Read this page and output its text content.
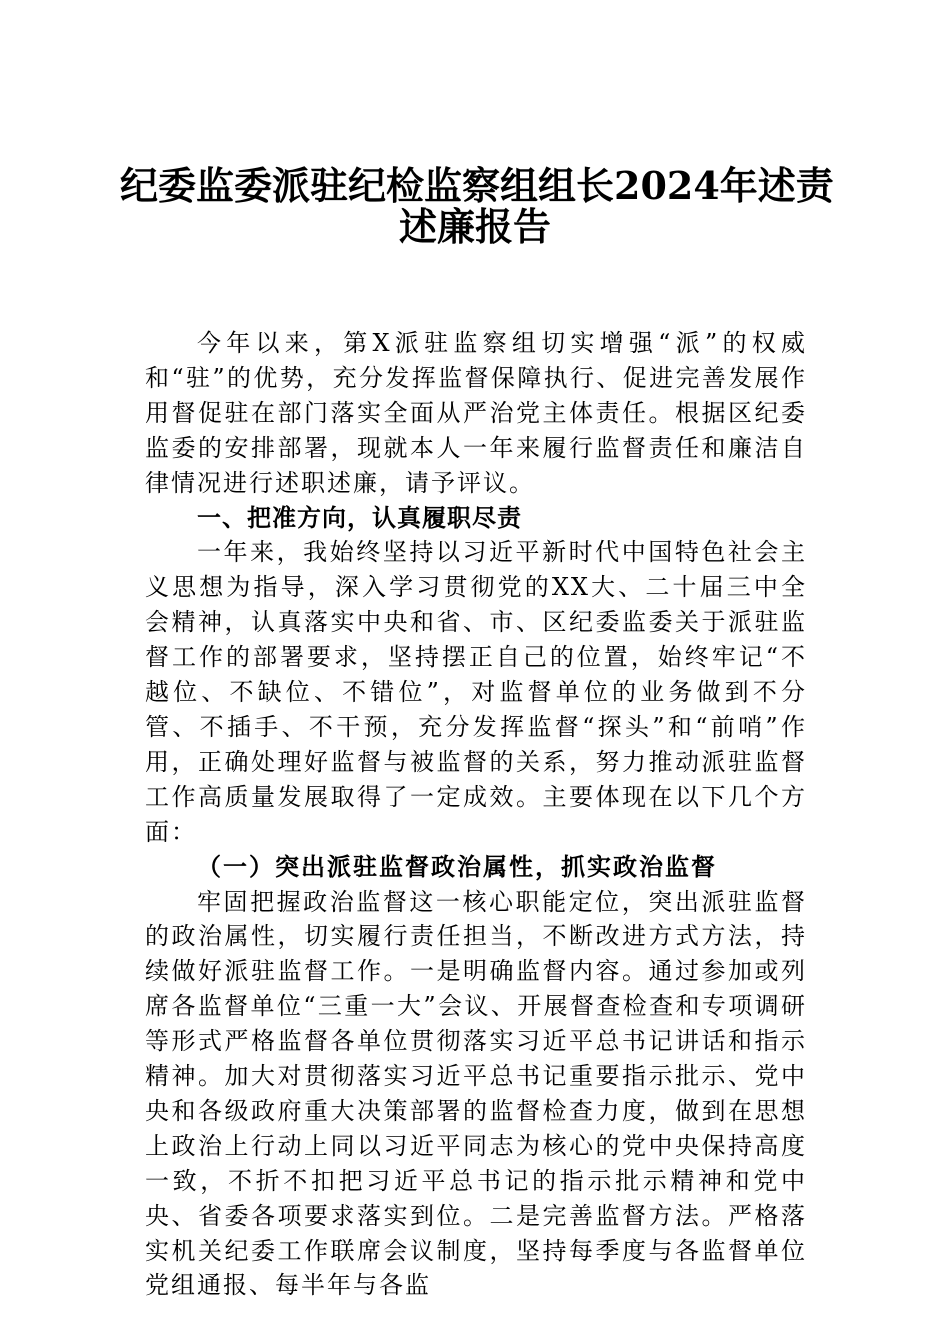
纪委监委派驻纪检监察组组长2024年述责
述廉报告

今年以来，第X派驻监察组切实增强“派”的权威和“驻”的优势，充分发挥监督保障执行、促进完善发展作用督促驻在部门落实全面从严治党主体责任。根据区纪委监委的安排部署，现就本人一年来履行监督责任和廉洁自律情况进行述职述廉，请予评议。

一、把准方向，认真履职尽责

一年来，我始终坚持以习近平新时代中国特色社会主义思想为指导，深入学习贯彻党的XX大、二十届三中全会精神，认真落实中央和省、市、区纪委监委关于派驻监督工作的部署要求，坚持摆正自己的位置，始终牢记“不越位、不缺位、不错位”，对监督单位的业务做到不分管、不插手、不干预，充分发挥监督“探头”和“前哨”作用，正确处理好监督与被监督的关系，努力推动派驻监督工作高质量发展取得了一定成效。主要体现在以下几个方面：

（一）突出派驻监督政治属性，抓实政治监督

牢固把握政治监督这一核心职能定位，突出派驻监督的政治属性，切实履行责任担当，不断改进方式方法，持续做好派驻监督工作。一是明确监督内容。通过参加或列席各监督单位“三重一大”会议、开展督查检查和专项调研等形式严格监督各单位贯彻落实习近平总书记讲话和指示精神。加大对贯彻落实习近平总书记重要指示批示、党中央和各级政府重大决策部署的监督检查力度，做到在思想上政治上行动上同以习近平同志为核心的党中央保持高度一致，不折不扣把习近平总书记的指示批示精神和党中央、省委各项要求落实到位。二是完善监督方法。严格落实机关纪委工作联席会议制度，坚持每季度与各监督单位党组通报、每半年与各监
